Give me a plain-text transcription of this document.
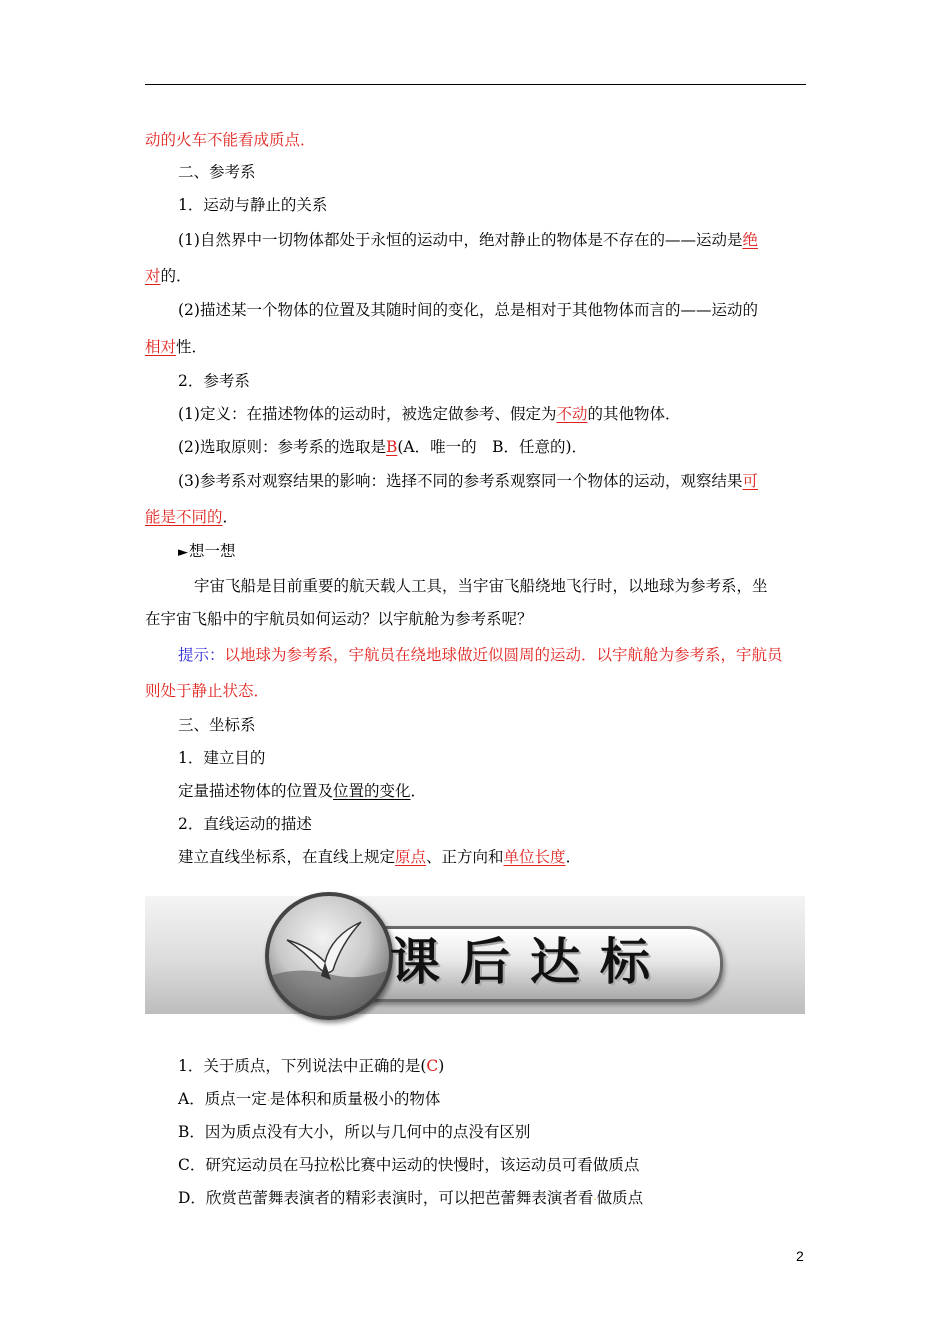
动的火车不能看成质点．
二、参考系
1．运动与静止的关系
(1)自然界中一切物体都处于永恒的运动中，绝对静止的物体是不存在的——运动是绝
对的．
(2)描述某一个物体的位置及其随时间的变化，总是相对于其他物体而言的——运动的
相对性．
2．参考系
(1)定义：在描述物体的运动时，被选定做参考、假定为不动的其他物体．
(2)选取原则：参考系的选取是B(A．唯一的　B．任意的)．
(3)参考系对观察结果的影响：选择不同的参考系观察同一个物体的运动，观察结果可
能是不同的．
►想一想
宇宙飞船是目前重要的航天载人工具，当宇宙飞船绕地飞行时，以地球为参考系，坐
在宇宙飞船中的宇航员如何运动？以宇航舱为参考系呢？
提示：以地球为参考系，宇航员在绕地球做近似圆周的运动．以宇航舱为参考系，宇航员
则处于静止状态．
三、坐标系
1．建立目的
定量描述物体的位置及位置的变化．
2．直线运动的描述
建立直线坐标系，在直线上规定原点、正方向和单位长度．
课后达标
1．关于质点，下列说法中正确的是(C)
A．质点一定·是体积和质量极小的物体
B．因为质点没有大小，所以与几何中的点没有区别
C．研究运动员在马拉松比赛中运动的快慢时，该运动员可看做质点
D．欣赏芭蕾舞表演者的精彩表演时，可以把芭蕾舞表演者看·做质点
2
